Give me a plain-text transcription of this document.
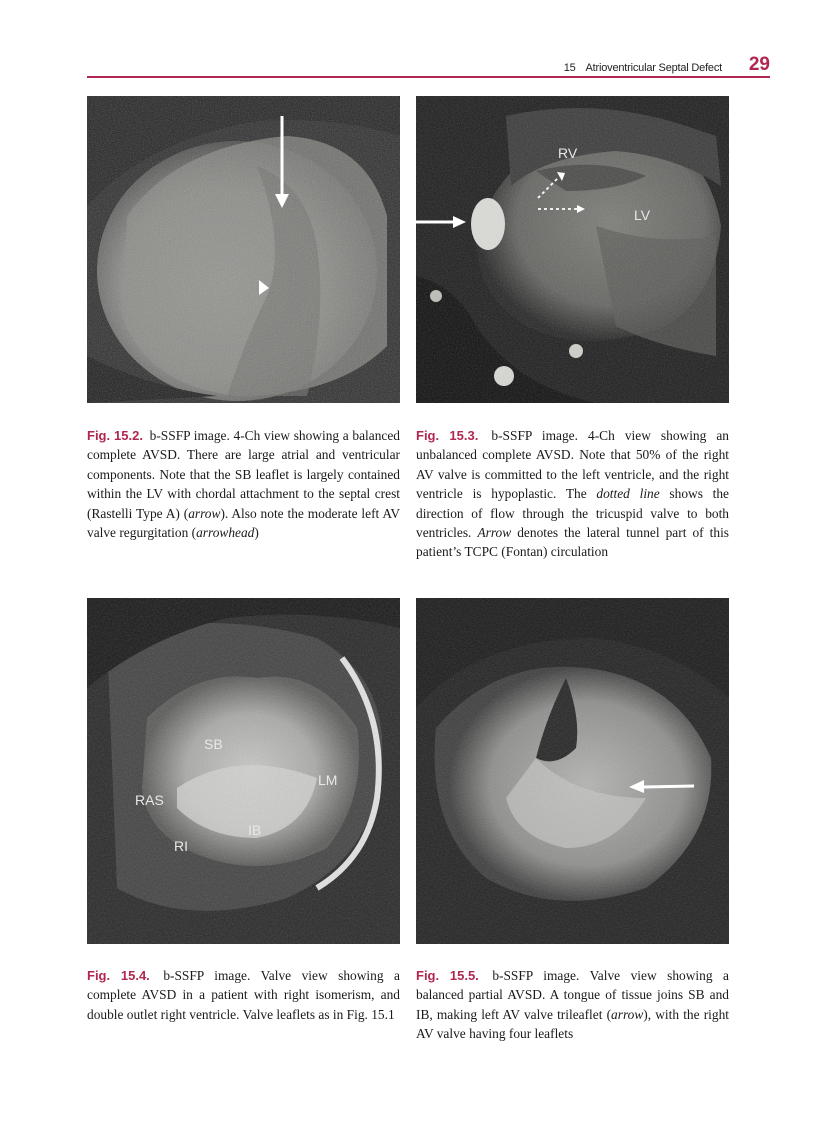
15 Atrioventricular Septal Defect 29
RV
LV
Fig. 15.2. b-SSFP image. 4-Ch view showing a balanced complete AVSD. There are large atrial and ventricular components. Note that the SB leaflet is largely contained within the LV with chordal attachment to the septal crest (Rastelli Type A) (arrow). Also note the moderate left AV valve regurgitation (arrowhead)
Fig. 15.3. b-SSFP image. 4-Ch view showing an unbalanced complete AVSD. Note that 50% of the right AV valve is committed to the left ventricle, and the right ventricle is hypoplastic. The dotted line shows the direction of flow through the tricuspid valve to both ventricles. Arrow denotes the lateral tunnel part of this patient’s TCPC (Fontan) circulation
SB
LM
RAS
IB
RI
Fig. 15.4. b-SSFP image. Valve view showing a complete AVSD in a patient with right isomerism, and double outlet right ventricle. Valve leaflets as in Fig. 15.1
Fig. 15.5. b-SSFP image. Valve view showing a balanced partial AVSD. A tongue of tissue joins SB and IB, making left AV valve trileaflet (arrow), with the right AV valve having four leaflets
